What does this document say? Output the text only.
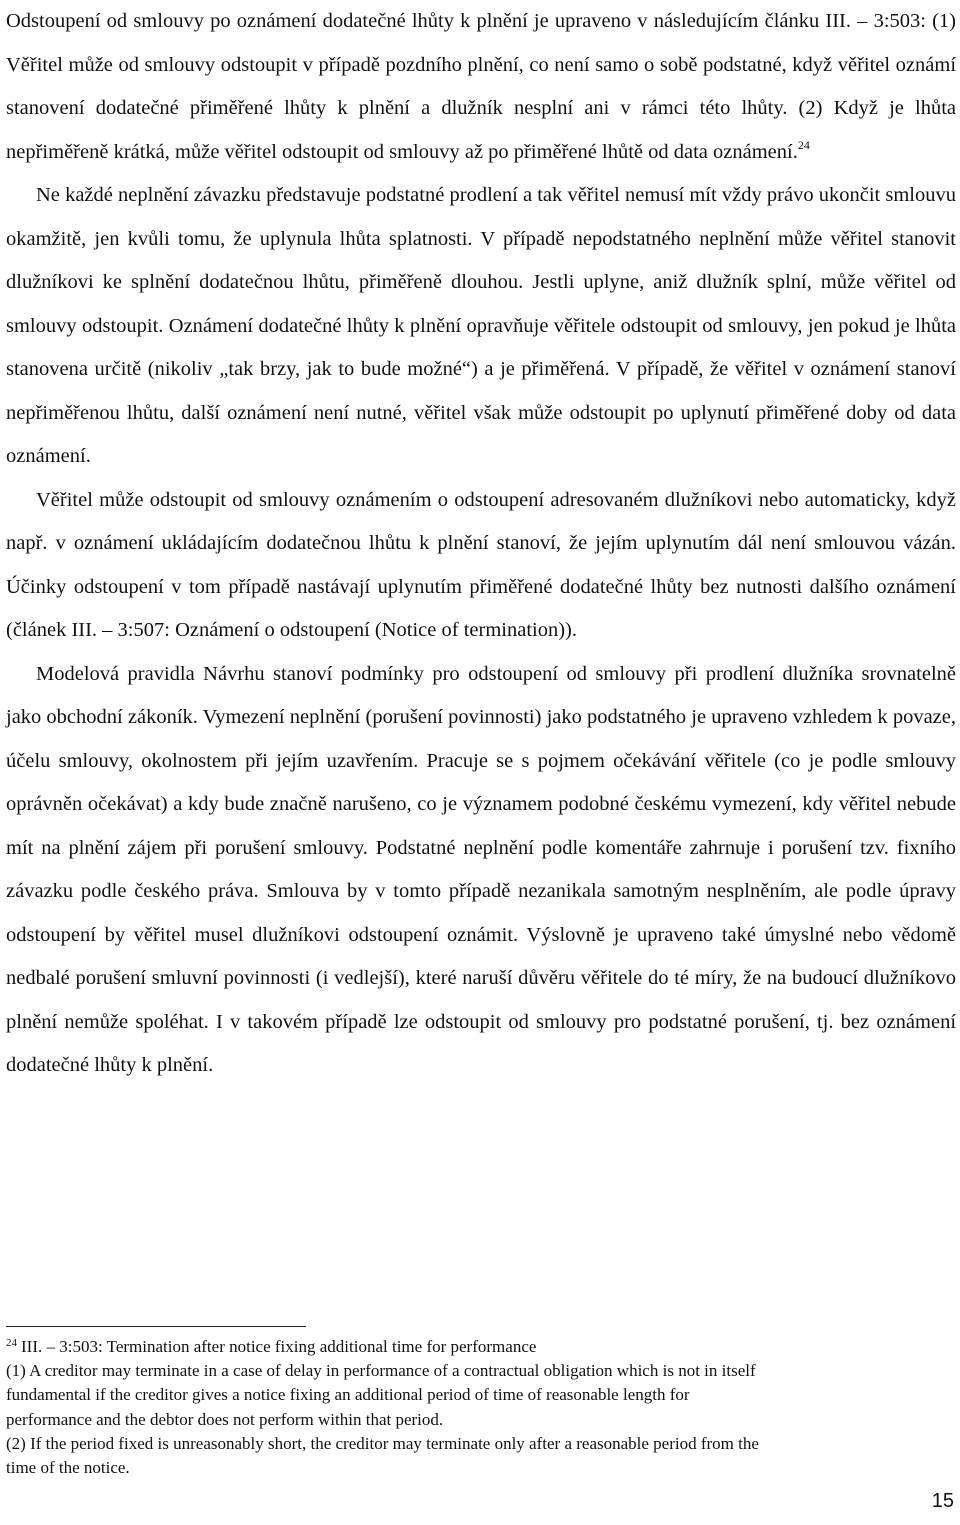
Odstoupení od smlouvy po oznámení dodatečné lhůty k plnění je upraveno v následujícím článku III. – 3:503: (1) Věřitel může od smlouvy odstoupit v případě pozdního plnění, co není samo o sobě podstatné, když věřitel oznámí stanovení dodatečné přiměřené lhůty k plnění a dlužník nesplní ani v rámci této lhůty. (2) Když je lhůta nepřiměřeně krátká, může věřitel odstoupit od smlouvy až po přiměřené lhůtě od data oznámení.$^{24}$

Ne každé neplnění závazku představuje podstatné prodlení a tak věřitel nemusí mít vždy právo ukončit smlouvu okamžitě, jen kvůli tomu, že uplynula lhůta splatnosti. V případě nepodstatného neplnění může věřitel stanovit dlužníkovi ke splnění dodatečnou lhůtu, přiměřeně dlouhou. Jestli uplyne, aniž dlužník splní, může věřitel od smlouvy odstoupit. Oznámení dodatečné lhůty k plnění opravňuje věřitele odstoupit od smlouvy, jen pokud je lhůta stanovena určitě (nikoliv „tak brzy, jak to bude možné“) a je přiměřená. V případě, že věřitel v oznámení stanoví nepřiměřenou lhůtu, další oznámení není nutné, věřitel však může odstoupit po uplynutí přiměřené doby od data oznámení.

Věřitel může odstoupit od smlouvy oznámením o odstoupení adresovaném dlužníkovi nebo automaticky, když např. v oznámení ukládajícím dodatečnou lhůtu k plnění stanoví, že jejím uplynutím dál není smlouvou vázán. Účinky odstoupení v tom případě nastávají uplynutím přiměřené dodatečné lhůty bez nutnosti dalšího oznámení (článek III. – 3:507: Oznámení o odstoupení (Notice of termination)).

Modelová pravidla Návrhu stanoví podmínky pro odstoupení od smlouvy při prodlení dlužníka srovnatelně jako obchodní zákoník. Vymezení neplnění (porušení povinnosti) jako podstatného je upraveno vzhledem k povaze, účelu smlouvy, okolnostem při jejím uzavřením. Pracuje se s pojmem očekávání věřitele (co je podle smlouvy oprávněn očekávat) a kdy bude značně narušeno, co je významem podobné českému vymezení, kdy věřitel nebude mít na plnění zájem při porušení smlouvy. Podstatné neplnění podle komentáře zahrnuje i porušení tzv. fixního závazku podle českého práva. Smlouva by v tomto případě nezanikala samotným nesplněním, ale podle úpravy odstoupení by věřitel musel dlužníkovi odstoupení oznámit. Výslovně je upraveno také úmyslné nebo vědomě nedbalé porušení smluvní povinnosti (i vedlejší), které naruší důvěru věřitele do té míry, že na budoucí dlužníkovo plnění nemůže spoléhat. I v takovém případě lze odstoupit od smlouvy pro podstatné porušení, tj. bez oznámení dodatečné lhůty k plnění.

$^{24}$ III. – 3:503: Termination after notice fixing additional time for performance

(1) A creditor may terminate in a case of delay in performance of a contractual obligation which is not in itself

fundamental if the creditor gives a notice fixing an additional period of time of reasonable length for

performance and the debtor does not perform within that period.

(2) If the period fixed is unreasonably short, the creditor may terminate only after a reasonable period from the

time of the notice.

15
